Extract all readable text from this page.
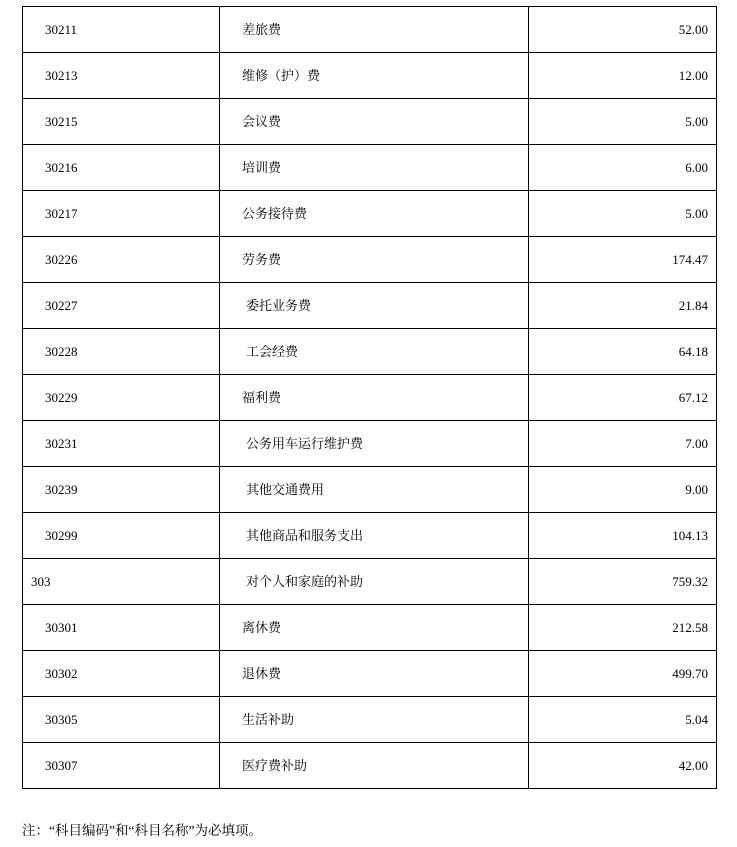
30211	差旅费	52.00
30213	维修（护）费	12.00
30215	会议费	5.00
30216	培训费	6.00
30217	公务接待费	5.00
30226	劳务费	174.47
30227	委托业务费	21.84
30228	工会经费	64.18
30229	福利费	67.12
30231	公务用车运行维护费	7.00
30239	其他交通费用	9.00
30299	其他商品和服务支出	104.13
303	对个人和家庭的补助	759.32
30301	离休费	212.58
30302	退休费	499.70
30305	生活补助	5.04
30307	医疗费补助	42.00
注：“科目编码”和“科目名称”为必填项。
